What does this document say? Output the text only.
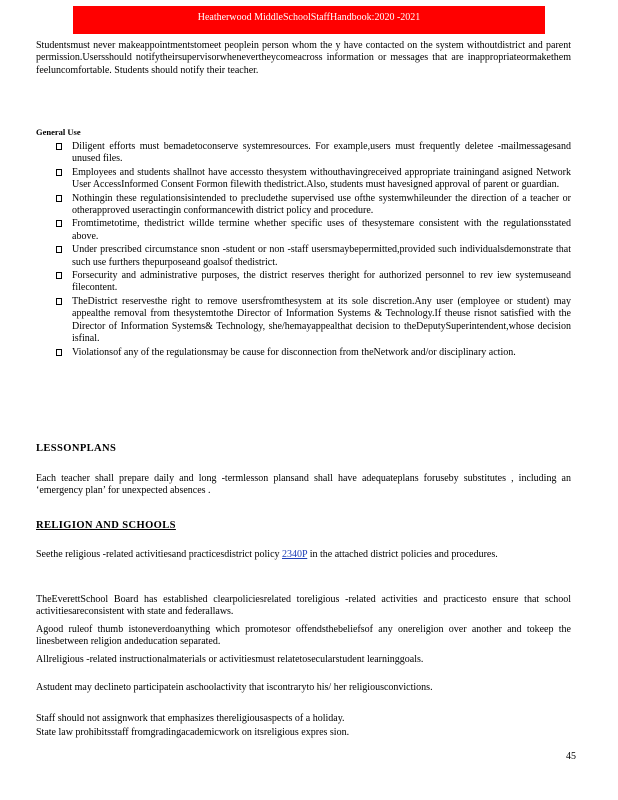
Heatherwood MiddleSchoolStaffHandbook:2020 -2021
Studentsmust never makeappointmentstomeet peoplein person whom the y have contacted on the system withoutdistrict and parent permission.Usersshould notifytheirsupervisorwhenevertheycomeacross information or messages that are inappropriateormakethem feeluncomfortable. Students should notify their teacher.
General Use
Diligent efforts must bemadetoconserve systemresources. For example,users must frequently deletee -mailmessagesand unused files.
Employees and students shallnot have accessto thesystem withouthavingreceived appropriate trainingand asigned Network User AccessInformed Consent Formon filewith thedistrict.Also, students must havesigned approval of parent or guardian.
Nothingin these regulationsisintended to precludethe supervised use ofthe systemwhileunder the direction of a teacher or otherapproved useractingin conformancewith district policy and procedure.
Fromtimetotime, thedistrict willde termine whether specific uses of thesystemare consistent with the regulationsstated above.
Under prescribed circumstance snon -student or non -staff usersmaybepermitted,provided such individualsdemonstrate that such use furthers thepurposeand goalsof thedistrict.
Forsecurity and administrative purposes, the district reserves theright for authorized personnel to rev iew systemuseand filecontent.
TheDistrict reservesthe right to remove usersfromthesystem at its sole discretion.Any user (employee or student) may appealthe removal from thesystemtothe Director of Information Systems & Technology.If theuse risnot satisfied with the Director of Information Systems& Technology, she/hemayappealthat decision to theDeputySuperintendent,whose decision isfinal.
Violationsof any of the regulationsmay be cause for disconnection from theNetwork and/or disciplinary action.
LESSONPLANS
Each teacher shall prepare daily and long -termlesson plansand shall have adequateplans foruseby substitutes , including an ‘emergency plan’ for unexpected absences .
RELIGION AND SCHOOLS
Seethe religious -related activitiesand practicesdistrict policy 2340P in the attached district policies and procedures.
TheEverettSchool Board has established clearpoliciesrelated toreligious -related activities and practicesto ensure that school activitiesareconsistent with state and federallaws.
Agood ruleof thumb istoneverdoanything which promotesor offendsthebeliefsof any onereligion over another and tokeep the linesbetween religion andeducation separated.
Allreligious -related instructionalmaterials or activitiesmust relatetosecularstudent learninggoals.
Astudent may declineto participatein aschoolactivity that iscontraryto his/ her religiousconvictions.
Staff should not assignwork that emphasizes thereligiousaspects of a holiday.
State law prohibitsstaff fromgradingacademicwork on itsreligious expres sion.
45
